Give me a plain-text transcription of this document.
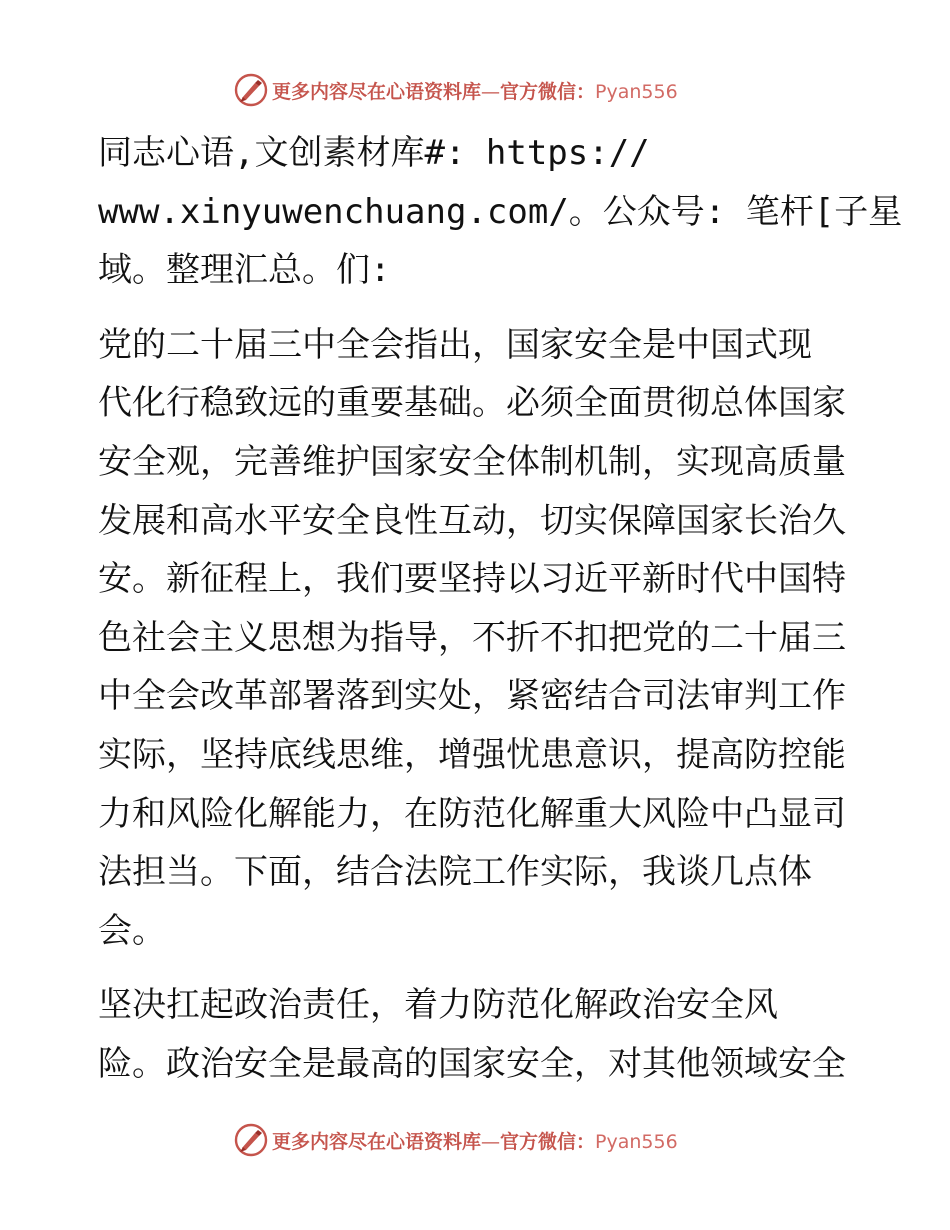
更多内容尽在心语资料库—官方微信：Pyan556
同志心语,文创素材库#: https://
www.xinyuwenchuang.com/。公众号: 笔杆[子星
域。整理汇总。们:
党的二十届三中全会指出，国家安全是中国式现
代化行稳致远的重要基础。必须全面贯彻总体国家
安全观，完善维护国家安全体制机制，实现高质量
发展和高水平安全良性互动，切实保障国家长治久
安。新征程上，我们要坚持以习近平新时代中国特
色社会主义思想为指导，不折不扣把党的二十届三
中全会改革部署落到实处，紧密结合司法审判工作
实际，坚持底线思维，增强忧患意识，提高防控能
力和风险化解能力，在防范化解重大风险中凸显司
法担当。下面，结合法院工作实际，我谈几点体
会。
坚决扛起政治责任，着力防范化解政治安全风
险。政治安全是最高的国家安全，对其他领域安全
更多内容尽在心语资料库—官方微信：Pyan556
